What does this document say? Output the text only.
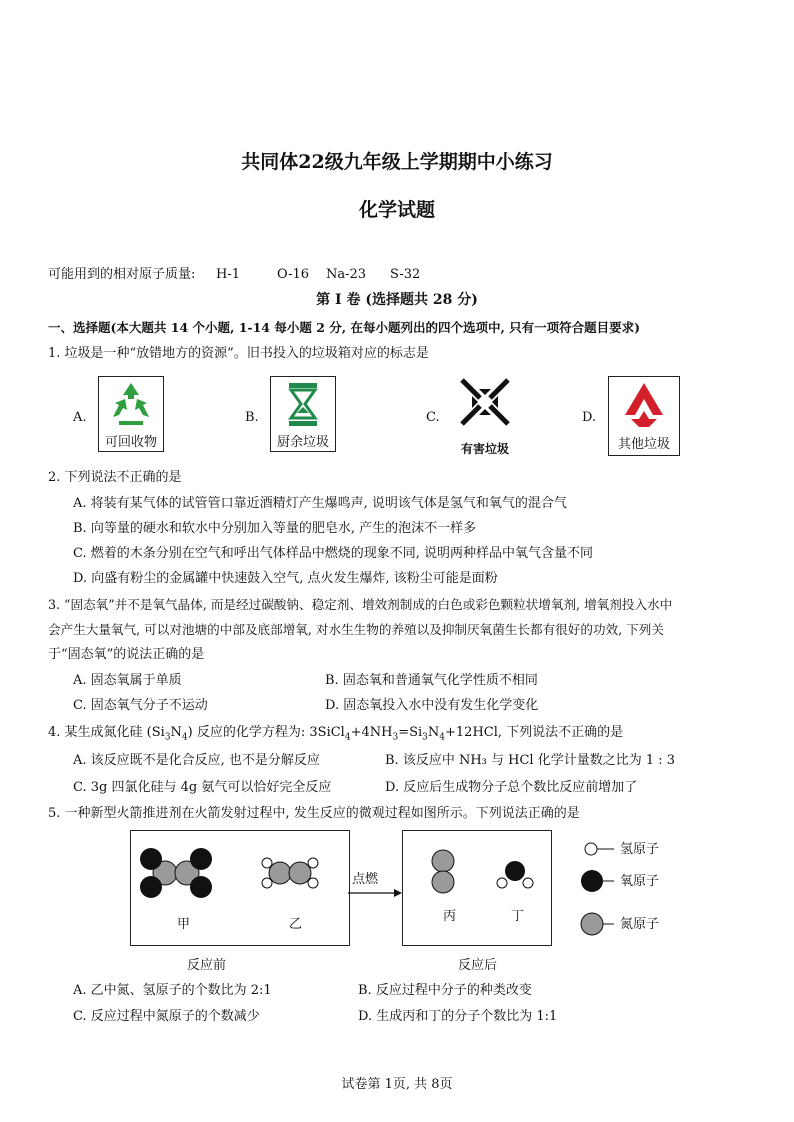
共同体22级九年级上学期期中小练习
化学试题
可能用到的相对原子质量: H-1	O-16 Na-23 S-32
第 I 卷 (选择题共 28 分)
一、选择题(本大题共 14 个小题, 1-14 每小题 2 分, 在每小题列出的四个选项中, 只有一项符合题目要求)
1. 垃圾是一种“放错地方的资源”。旧书投入的垃圾箱对应的标志是
A.
可回收物
B.
厨余垃圾
C.
有害垃圾
D.
其他垃圾
2. 下列说法不正确的是
A. 将装有某气体的试管管口靠近酒精灯产生爆鸣声, 说明该气体是氢气和氧气的混合气
B. 向等量的硬水和软水中分别加入等量的肥皂水, 产生的泡沫不一样多
C. 燃着的木条分别在空气和呼出气体样品中燃烧的现象不同, 说明两种样品中氧气含量不同
D. 向盛有粉尘的金属罐中快速鼓入空气, 点火发生爆炸, 该粉尘可能是面粉
3. “固态氧”并不是氧气晶体, 而是经过碳酸钠、稳定剂、增效剂制成的白色或彩色颗粒状增氧剂, 增氧剂投入水中
会产生大量氧气, 可以对池塘的中部及底部增氧, 对水生生物的养殖以及抑制厌氧菌生长都有很好的功效, 下列关
于“固态氧”的说法正确的是
A. 固态氧属于单质	B. 固态氧和普通氧气化学性质不相同
C. 固态氧气分子不运动	D. 固态氧投入水中没有发生化学变化
4. 某生成氮化硅 $(Si_3N_4)$ 反应的化学方程为: $3SiCl_4+4NH_3=Si_3N_4+12HCl$, 下列说法不正确的是
A. 该反应既不是化合反应, 也不是分解反应	B. 该反应中 NH₃ 与 HCl 化学计量数之比为 1 : 3
C. 3g 四氯化硅与 4g 氨气可以恰好完全反应	D. 反应后生成物分子总个数比反应前增加了
5. 一种新型火箭推进剂在火箭发射过程中, 发生反应的微观过程如图所示。下列说法正确的是
甲	乙
点燃
丙	丁
反应前	反应后
氢原子
氧原子
氮原子
A. 乙中氮、氢原子的个数比为 2:1	B. 反应过程中分子的种类改变
C. 反应过程中氮原子的个数减少	D. 生成丙和丁的分子个数比为 1:1
试卷第 1页, 共 8页
